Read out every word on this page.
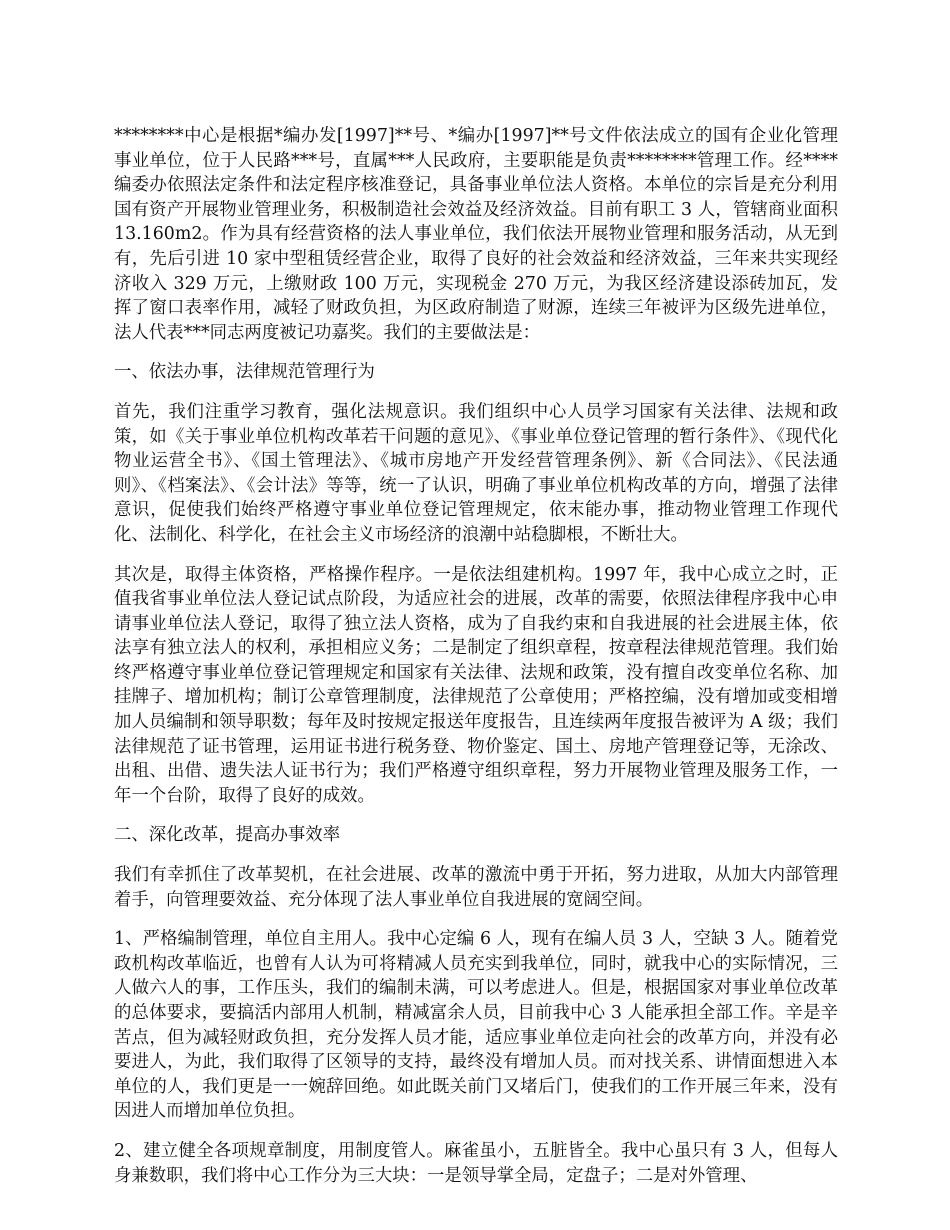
********中心是根据*编办发[1997]**号、*编办[1997]**号文件依法成立的国有企业化管理事业单位，位于人民路***号，直属***人民政府，主要职能是负责********管理工作。经****编委办依照法定条件和法定程序核准登记，具备事业单位法人资格。本单位的宗旨是充分利用国有资产开展物业管理业务，积极制造社会效益及经济效益。目前有职工 3 人，管辖商业面积 13.160m2。作为具有经营资格的法人事业单位，我们依法开展物业管理和服务活动，从无到有，先后引进 10 家中型租赁经营企业，取得了良好的社会效益和经济效益，三年来共实现经济收入 329 万元，上缴财政 100 万元，实现税金 270 万元，为我区经济建设添砖加瓦，发挥了窗口表率作用，减轻了财政负担，为区政府制造了财源，连续三年被评为区级先进单位，法人代表***同志两度被记功嘉奖。我们的主要做法是：

一、依法办事，法律规范管理行为

首先，我们注重学习教育，强化法规意识。我们组织中心人员学习国家有关法律、法规和政策，如《关于事业单位机构改革若干问题的意见》、《事业单位登记管理的暂行条件》、《现代化物业运营全书》、《国土管理法》、《城市房地产开发经营管理条例》、新《合同法》、《民法通则》、《档案法》、《会计法》等等，统一了认识，明确了事业单位机构改革的方向，增强了法律意识，促使我们始终严格遵守事业单位登记管理规定，依末能办事，推动物业管理工作现代化、法制化、科学化，在社会主义市场经济的浪潮中站稳脚根，不断壮大。

其次是，取得主体资格，严格操作程序。一是依法组建机构。1997 年，我中心成立之时，正值我省事业单位法人登记试点阶段，为适应社会的进展，改革的需要，依照法律程序我中心申请事业单位法人登记，取得了独立法人资格，成为了自我约束和自我进展的社会进展主体，依法享有独立法人的权利，承担相应义务；二是制定了组织章程，按章程法律规范管理。我们始终严格遵守事业单位登记管理规定和国家有关法律、法规和政策，没有擅自改变单位名称、加挂牌子、增加机构；制订公章管理制度，法律规范了公章使用；严格控编，没有增加或变相增加人员编制和领导职数；每年及时按规定报送年度报告，且连续两年度报告被评为 A 级；我们法律规范了证书管理，运用证书进行税务登、物价鉴定、国土、房地产管理登记等，无涂改、出租、出借、遗失法人证书行为；我们严格遵守组织章程，努力开展物业管理及服务工作，一年一个台阶，取得了良好的成效。

二、深化改革，提高办事效率

我们有幸抓住了改革契机，在社会进展、改革的激流中勇于开拓，努力进取，从加大内部管理着手，向管理要效益、充分体现了法人事业单位自我进展的宽阔空间。

1、严格编制管理，单位自主用人。我中心定编 6 人，现有在编人员 3 人，空缺 3 人。随着党政机构改革临近，也曾有人认为可将精减人员充实到我单位，同时，就我中心的实际情况，三人做六人的事，工作压头，我们的编制未满，可以考虑进人。但是，根据国家对事业单位改革的总体要求，要搞活内部用人机制，精减富余人员，目前我中心 3 人能承担全部工作。辛是辛苦点，但为减轻财政负担，充分发挥人员才能，适应事业单位走向社会的改革方向，并没有必要进人，为此，我们取得了区领导的支持，最终没有增加人员。而对找关系、讲情面想进入本单位的人，我们更是一一婉辞回绝。如此既关前门又堵后门，使我们的工作开展三年来，没有因进人而增加单位负担。

2、建立健全各项规章制度，用制度管人。麻雀虽小，五脏皆全。我中心虽只有 3 人，但每人身兼数职，我们将中心工作分为三大块：一是领导掌全局，定盘子；二是对外管理、
